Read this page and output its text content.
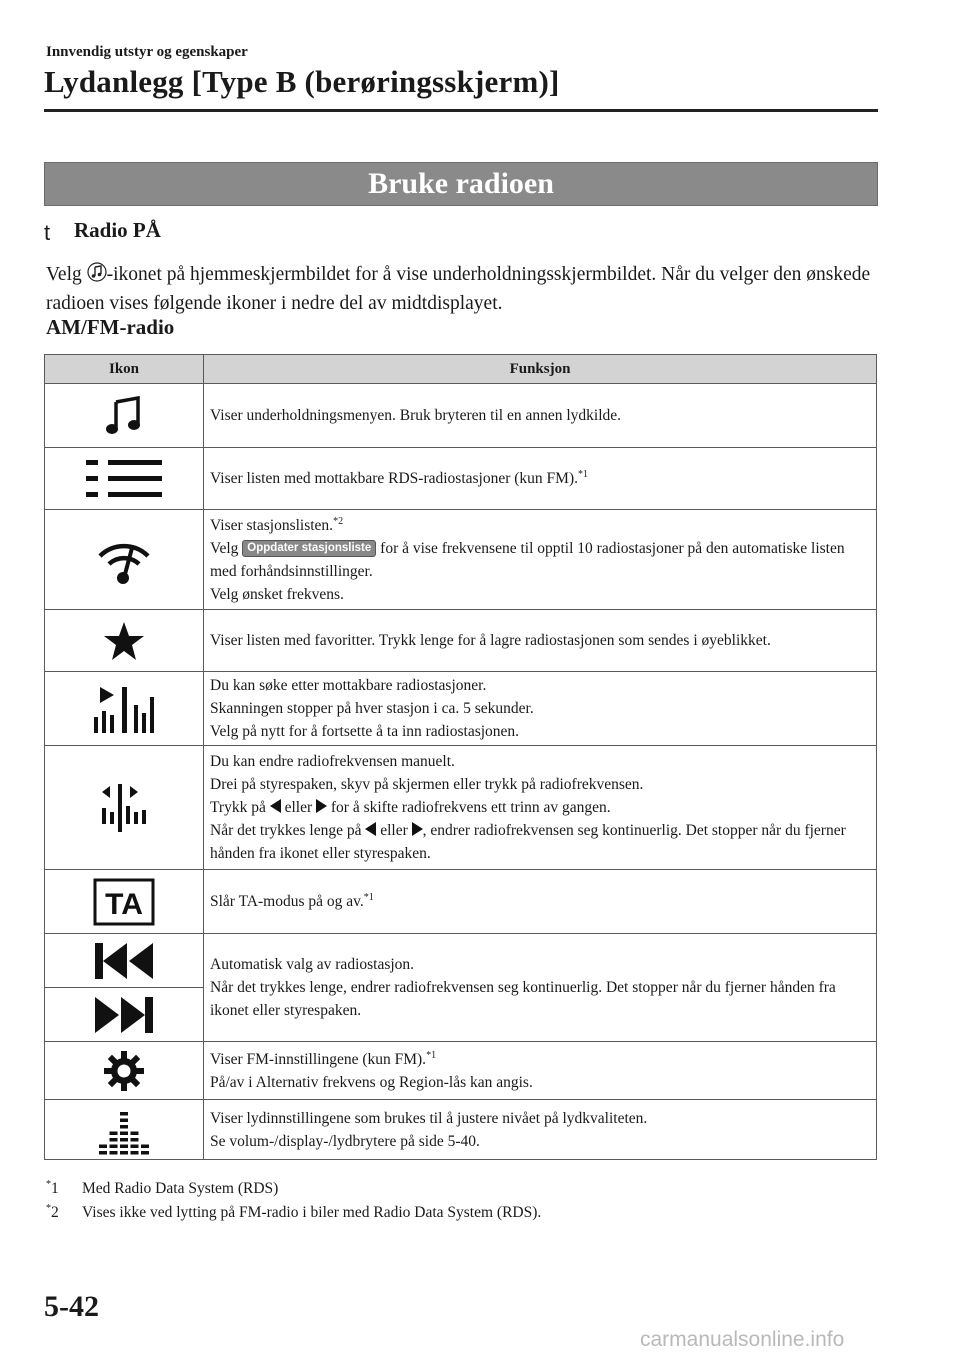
Innvendig utstyr og egenskaper
Lydanlegg [Type B (berøringsskjerm)]
Bruke radioen
t Radio PÅ
Velg -ikonet på hjemmeskjermbildet for å vise underholdningsskjermbildet. Når du velger den ønskede radioen vises følgende ikoner i nedre del av midtdisplayet.
AM/FM-radio
Ikon	Funksjon

	Viser underholdningsmenyen. Bruk bryteren til en annen lydkilde.

	Viser listen med mottakbare RDS-radiostasjoner (kun FM).$^{*1}$

Viser stasjonslisten.$^{*2}$
Velg Oppdater stasjonsliste for å vise frekvensene til opptil 10 radiostasjoner på den automatiske listen med forhåndsinnstillinger.
Velg ønsket frekvens.

	Viser listen med favoritter. Trykk lenge for å lagre radiostasjonen som sendes i øyeblikket.

Du kan søke etter mottakbare radiostasjoner.
Skanningen stopper på hver stasjon i ca. 5 sekunder.
Velg på nytt for å fortsette å ta inn radiostasjonen.

Du kan endre radiofrekvensen manuelt.
Drei på styrespaken, skyv på skjermen eller trykk på radiofrekvensen.
Trykk på  eller  for å skifte radiofrekvens ett trinn av gangen.
Når det trykkes lenge på  eller , endrer radiofrekvensen seg kontinuerlig. Det stopper når du fjerner hånden fra ikonet eller styrespaken.

TA	Slår TA-modus på og av.$^{*1}$

Automatisk valg av radiostasjon.
Når det trykkes lenge, endrer radiofrekvensen seg kontinuerlig. Det stopper når du fjerner hånden fra ikonet eller styrespaken.

Viser FM-innstillingene (kun FM).$^{*1}$
På/av i Alternativ frekvens og Region-lås kan angis.

Viser lydinnstillingene som brukes til å justere nivået på lydkvaliteten.
Se volum-/display-/lydbrytere på side 5-40.
*1 Med Radio Data System (RDS)
*2 Vises ikke ved lytting på FM-radio i biler med Radio Data System (RDS).
5-42
carmanualsonline.info
